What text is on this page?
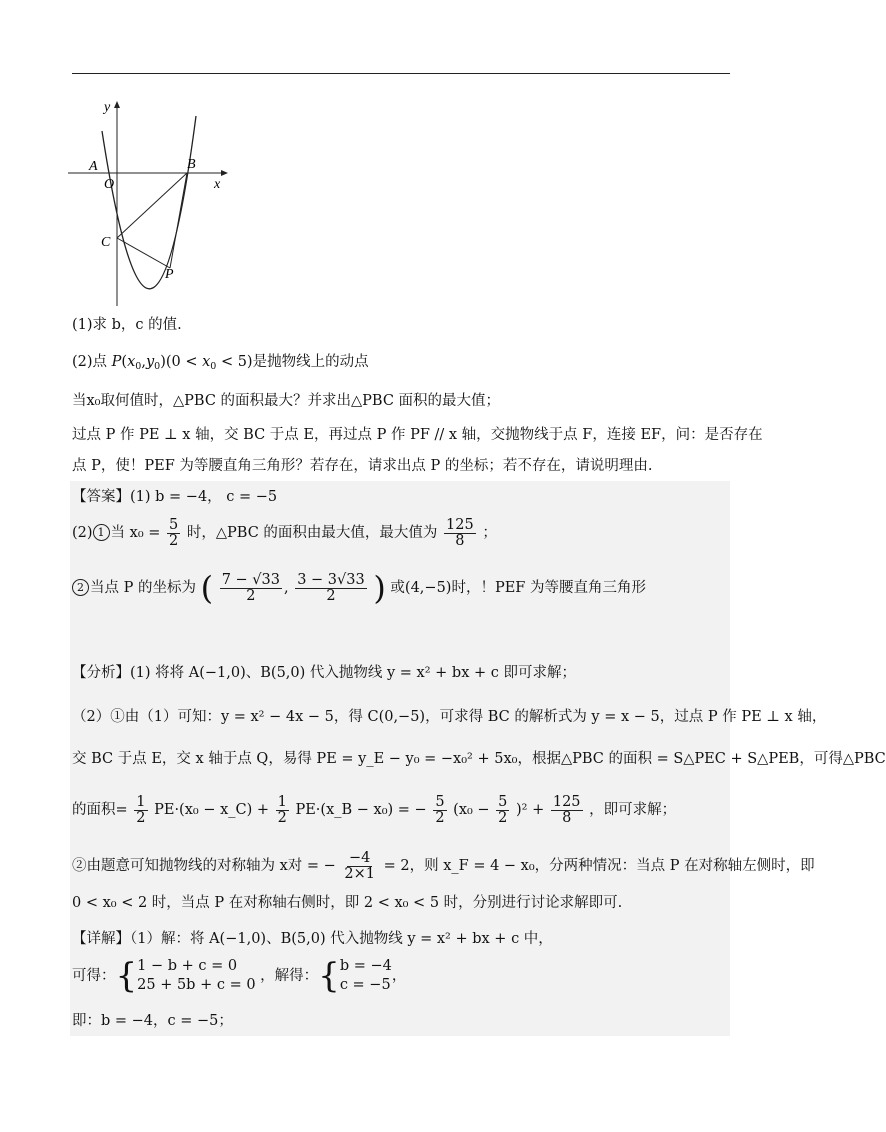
y
x
A
O
B
C
P
(1)求 b，c 的值.
(2)点 $P(x_0,y_0)(0 < x_0 < 5)$是抛物线上的动点
当x₀取何值时，△PBC 的面积最大？并求出△PBC 面积的最大值；
过点 P 作 PE ⊥ x 轴，交 BC 于点 E，再过点 P 作 PF // x 轴，交抛物线于点 F，连接 EF，问：是否存在
点 P，使！PEF 为等腰直角三角形？若存在，请求出点 P 的坐标；若不存在，请说明理由.
【答案】(1) b = −4， c = −5
(2) 1 当 $x_0 = \frac{5}{2}$ 时，△PBC 的面积由最大值，最大值为 $\frac{125}{8}$ ；
2 当点 P 的坐标为 ( $\frac{7 - √33}{2}$ , $\frac{3 - 3√33}{2}$ ) 或(4,−5)时，！PEF 为等腰直角三角形
【分析】(1) 将将 A(−1,0)、B(5,0) 代入抛物线 y = x² + bx + c 即可求解；
（2）①由（1）可知：y = x² − 4x − 5，得 C(0,−5)，可求得 BC 的解析式为 y = x − 5，过点 P 作 PE ⊥ x 轴，
交 BC 于点 E，交 x 轴于点 Q，易得 PE = y_E − y₀ = −x₀² + 5x₀，根据△PBC 的面积 = S△PEC + S△PEB，可得△PBC
的面积= $\frac{1}{2} PE\cdot(x_0$ − x_C) + $\frac{1}{2}$ PE·(x_B − x₀) = − $\frac{5}{2} (x_0 - \frac{5}{2} )^2 + \frac{125}{8}$ ，即可求解；
②由题意可知抛物线的对称轴为 x对 = − $\frac{-4}{2\times 1} = 2$，则 x_F = 4 − x₀，分两种情况：当点 P 在对称轴左侧时，即
0 < x₀ < 2 时，当点 P 在对称轴右侧时，即 2 < x₀ < 5 时，分别进行讨论求解即可.
【详解】（1）解：将 A(−1,0)、B(5,0) 代入抛物线 y = x² + bx + c 中，
可得：{ 1 − b + c = 0
25 + 5b + c = 0
，解得：{ b = −4
c = −5
，
即：b = −4，c = −5；
